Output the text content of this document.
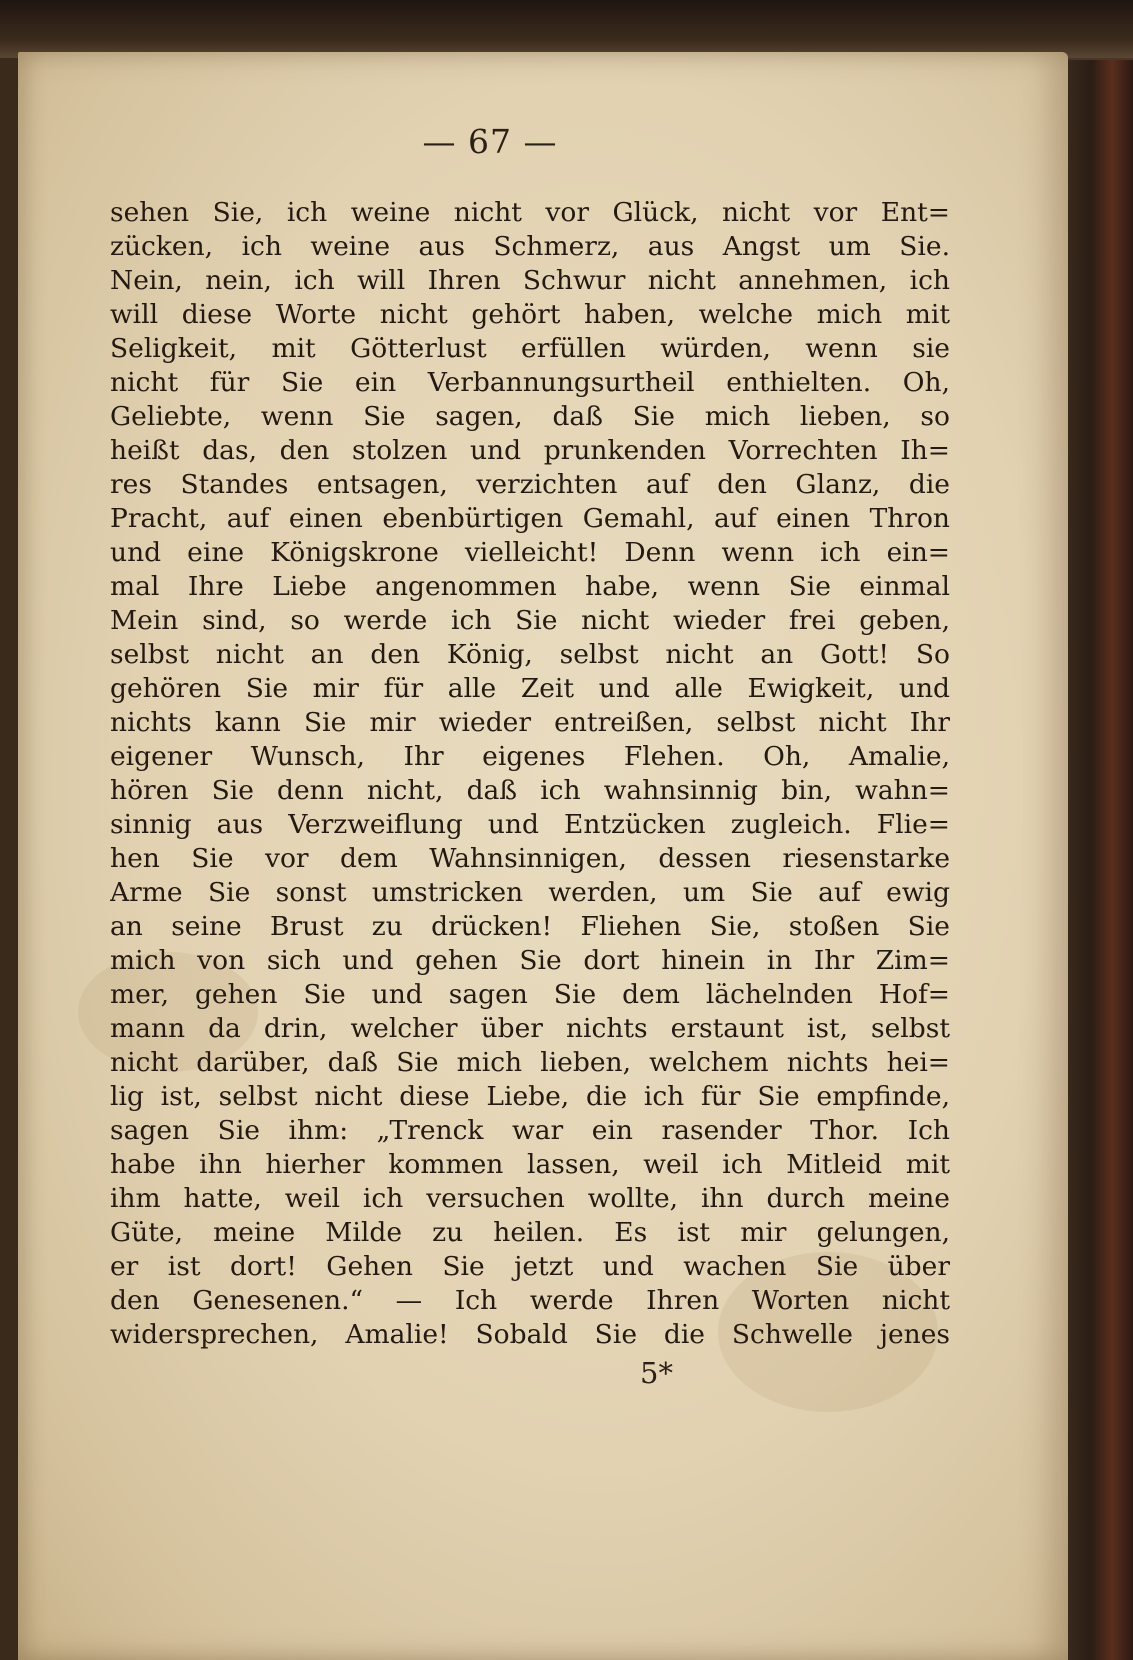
— 67 —
sehen Sie, ich weine nicht vor Glück, nicht vor Ent=
zücken, ich weine aus Schmerz, aus Angst um Sie.
Nein, nein, ich will Ihren Schwur nicht annehmen, ich
will diese Worte nicht gehört haben, welche mich mit
Seligkeit, mit Götterlust erfüllen würden, wenn sie
nicht für Sie ein Verbannungsurtheil enthielten. Oh,
Geliebte, wenn Sie sagen, daß Sie mich lieben, so
heißt das, den stolzen und prunkenden Vorrechten Ih=
res Standes entsagen, verzichten auf den Glanz, die
Pracht, auf einen ebenbürtigen Gemahl, auf einen Thron
und eine Königskrone vielleicht! Denn wenn ich ein=
mal Ihre Liebe angenommen habe, wenn Sie einmal
Mein sind, so werde ich Sie nicht wieder frei geben,
selbst nicht an den König, selbst nicht an Gott! So
gehören Sie mir für alle Zeit und alle Ewigkeit, und
nichts kann Sie mir wieder entreißen, selbst nicht Ihr
eigener Wunsch, Ihr eigenes Flehen. Oh, Amalie,
hören Sie denn nicht, daß ich wahnsinnig bin, wahn=
sinnig aus Verzweiflung und Entzücken zugleich. Flie=
hen Sie vor dem Wahnsinnigen, dessen riesenstarke
Arme Sie sonst umstricken werden, um Sie auf ewig
an seine Brust zu drücken! Fliehen Sie, stoßen Sie
mich von sich und gehen Sie dort hinein in Ihr Zim=
mer, gehen Sie und sagen Sie dem lächelnden Hof=
mann da drin, welcher über nichts erstaunt ist, selbst
nicht darüber, daß Sie mich lieben, welchem nichts hei=
lig ist, selbst nicht diese Liebe, die ich für Sie empfinde,
sagen Sie ihm: „Trenck war ein rasender Thor. Ich
habe ihn hierher kommen lassen, weil ich Mitleid mit
ihm hatte, weil ich versuchen wollte, ihn durch meine
Güte, meine Milde zu heilen. Es ist mir gelungen,
er ist dort! Gehen Sie jetzt und wachen Sie über
den Genesenen.“ — Ich werde Ihren Worten nicht
widersprechen, Amalie! Sobald Sie die Schwelle jenes
5*
